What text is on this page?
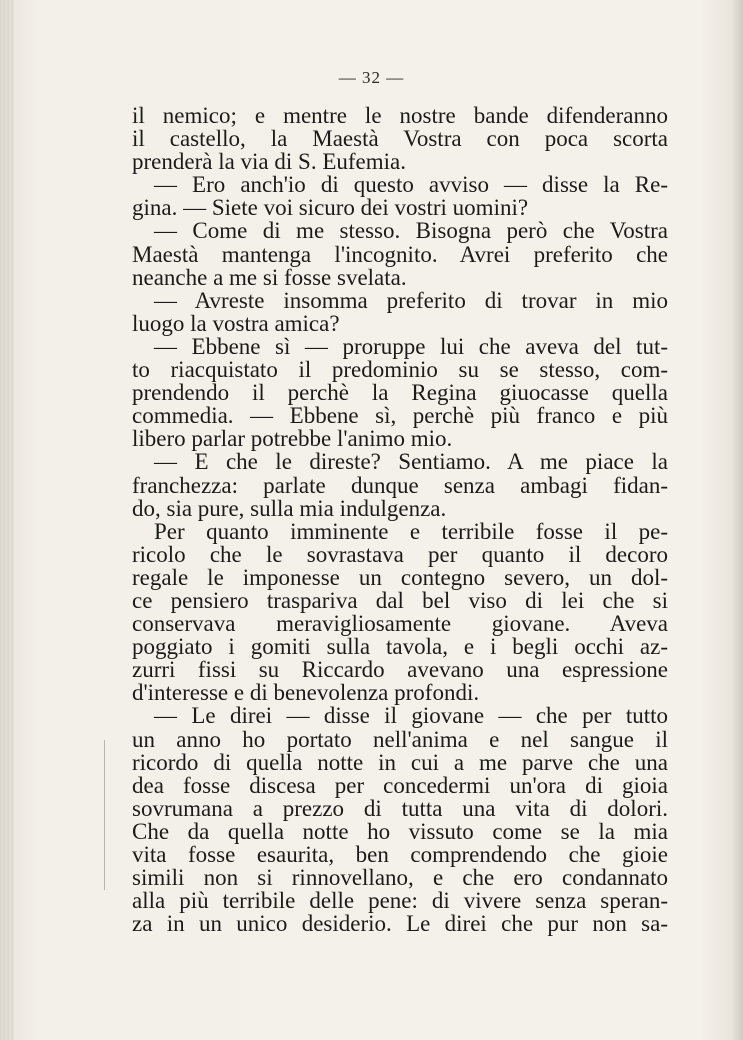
— 32 —
il nemico; e mentre le nostre bande difenderanno
il castello, la Maestà Vostra con poca scorta
prenderà la via di S. Eufemia.
— Ero anch'io di questo avviso — disse la Re-
gina. — Siete voi sicuro dei vostri uomini?
— Come di me stesso. Bisogna però che Vostra
Maestà mantenga l'incognito. Avrei preferito che
neanche a me si fosse svelata.
— Avreste insomma preferito di trovar in mio
luogo la vostra amica?
— Ebbene sì — proruppe lui che aveva del tut-
to riacquistato il predominio su se stesso, com-
prendendo il perchè la Regina giuocasse quella
commedia. — Ebbene sì, perchè più franco e più
libero parlar potrebbe l'animo mio.
— E che le direste? Sentiamo. A me piace la
franchezza: parlate dunque senza ambagi fidan-
do, sia pure, sulla mia indulgenza.
Per quanto imminente e terribile fosse il pe-
ricolo che le sovrastava per quanto il decoro
regale le imponesse un contegno severo, un dol-
ce pensiero traspariva dal bel viso di lei che si
conservava meravigliosamente giovane. Aveva
poggiato i gomiti sulla tavola, e i begli occhi az-
zurri fissi su Riccardo avevano una espressione
d'interesse e di benevolenza profondi.
— Le direi — disse il giovane — che per tutto
un anno ho portato nell'anima e nel sangue il
ricordo di quella notte in cui a me parve che una
dea fosse discesa per concedermi un'ora di gioia
sovrumana a prezzo di tutta una vita di dolori.
Che da quella notte ho vissuto come se la mia
vita fosse esaurita, ben comprendendo che gioie
simili non si rinnovellano, e che ero condannato
alla più terribile delle pene: di vivere senza speran-
za in un unico desiderio. Le direi che pur non sa-
